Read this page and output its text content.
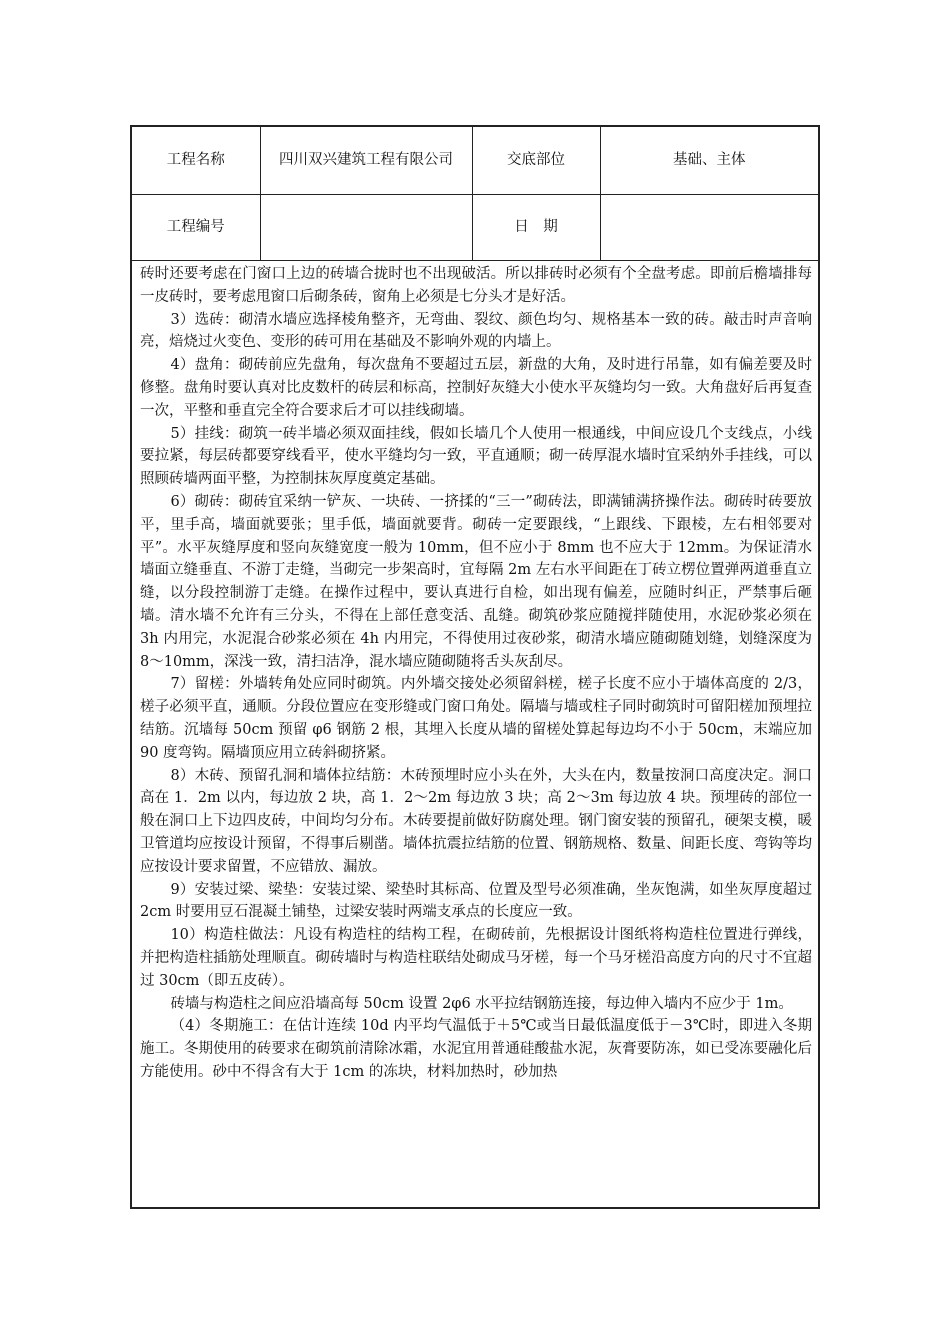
工程名称	四川双兴建筑工程有限公司	交底部位	基础、主体
工程编号		日　期	

砖时还要考虑在门窗口上边的砖墙合拢时也不出现破活。所以排砖时必须有个全盘考虑。即前后檐墙排每一皮砖时，要考虑甩窗口后砌条砖，窗角上必须是七分头才是好活。

3）选砖：砌清水墙应选择棱角整齐，无弯曲、裂纹、颜色均匀、规格基本一致的砖。敲击时声音响亮，焙烧过火变色、变形的砖可用在基础及不影响外观的内墙上。

4）盘角：砌砖前应先盘角，每次盘角不要超过五层，新盘的大角，及时进行吊靠，如有偏差要及时修整。盘角时要认真对比皮数杆的砖层和标高，控制好灰缝大小使水平灰缝均匀一致。大角盘好后再复查一次，平整和垂直完全符合要求后才可以挂线砌墙。

5）挂线：砌筑一砖半墙必须双面挂线，假如长墙几个人使用一根通线，中间应设几个支线点，小线要拉紧，每层砖都要穿线看平，使水平缝均匀一致，平直通顺；砌一砖厚混水墙时宜采纳外手挂线，可以照顾砖墙两面平整，为控制抹灰厚度奠定基础。

6）砌砖：砌砖宜采纳一铲灰、一块砖、一挤揉的“三一”砌砖法，即满铺满挤操作法。砌砖时砖要放平，里手高，墙面就要张；里手低，墙面就要背。砌砖一定要跟线，“上跟线、下跟棱，左右相邻要对平”。水平灰缝厚度和竖向灰缝宽度一般为 10mm，但不应小于 8mm 也不应大于 12mm。为保证清水墙面立缝垂直、不游丁走缝，当砌完一步架高时，宜每隔 2m 左右水平间距在丁砖立楞位置弹两道垂直立缝，以分段控制游丁走缝。在操作过程中，要认真进行自检，如出现有偏差，应随时纠正，严禁事后砸墙。清水墙不允许有三分头，不得在上部任意变活、乱缝。砌筑砂浆应随搅拌随使用，水泥砂浆必须在 3h 内用完，水泥混合砂浆必须在 4h 内用完，不得使用过夜砂浆，砌清水墙应随砌随划缝，划缝深度为 8～10mm，深浅一致，清扫洁净，混水墙应随砌随将舌头灰刮尽。

7）留槎：外墙转角处应同时砌筑。内外墙交接处必须留斜槎，槎子长度不应小于墙体高度的 2/3，槎子必须平直，通顺。分段位置应在变形缝或门窗口角处。隔墙与墙或柱子同时砌筑时可留阳槎加预埋拉结筋。沉墙每 50cm 预留 φ6 钢筋 2 根，其埋入长度从墙的留槎处算起每边均不小于 50cm，末端应加 90 度弯钩。隔墙顶应用立砖斜砌挤紧。

8）木砖、预留孔洞和墙体拉结筋：木砖预埋时应小头在外，大头在内，数量按洞口高度决定。洞口高在 1．2m 以内，每边放 2 块，高 1．2～2m 每边放 3 块；高 2～3m 每边放 4 块。预埋砖的部位一般在洞口上下边四皮砖，中间均匀分布。木砖要提前做好防腐处理。钢门窗安装的预留孔，硬架支模，暖卫管道均应按设计预留，不得事后剔凿。墙体抗震拉结筋的位置、钢筋规格、数量、间距长度、弯钩等均应按设计要求留置，不应错放、漏放。

9）安装过梁、梁垫：安装过梁、梁垫时其标高、位置及型号必须准确，坐灰饱满，如坐灰厚度超过 2cm 时要用豆石混凝土铺垫，过梁安装时两端支承点的长度应一致。

10）构造柱做法：凡设有构造柱的结构工程，在砌砖前，先根据设计图纸将构造柱位置进行弹线，并把构造柱插筋处理顺直。砌砖墙时与构造柱联结处砌成马牙槎，每一个马牙槎沿高度方向的尺寸不宜超过 30cm（即五皮砖）。

砖墙与构造柱之间应沿墙高每 50cm 设置 2φ6 水平拉结钢筋连接，每边伸入墙内不应少于 1m。

（4）冬期施工：在估计连续 10d 内平均气温低于＋5℃或当日最低温度低于－3℃时，即进入冬期施工。冬期使用的砖要求在砌筑前清除冰霜，水泥宜用普通硅酸盐水泥，灰膏要防冻，如已受冻要融化后方能使用。砂中不得含有大于 1cm 的冻块，材料加热时，砂加热
